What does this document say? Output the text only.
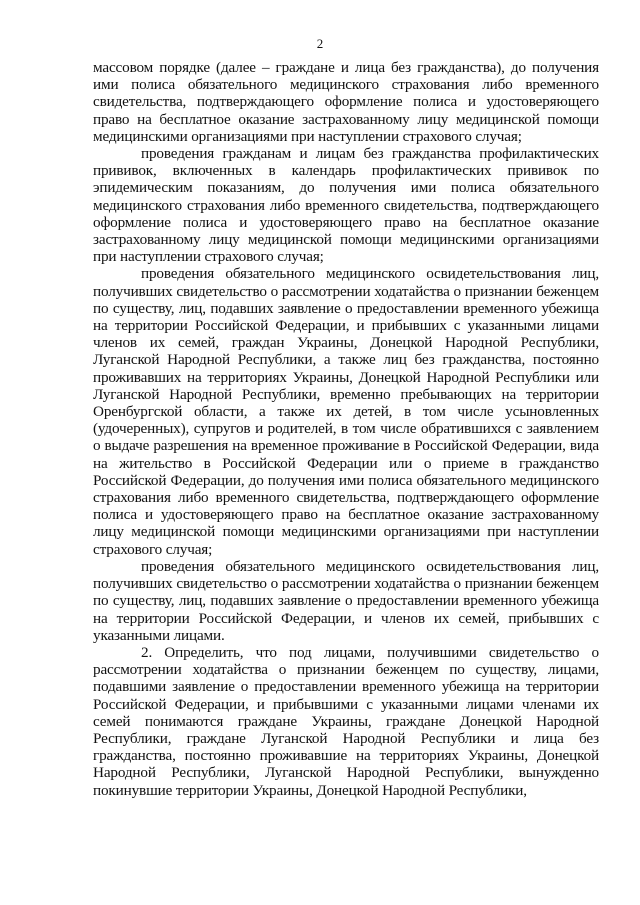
2

массовом порядке (далее – граждане и лица без гражданства), до получения ими полиса обязательного медицинского страхования либо временного свидетельства, подтверждающего оформление полиса и удостоверяющего право на бесплатное оказание застрахованному лицу медицинской помощи медицинскими организациями при наступлении страхового случая;

проведения гражданам и лицам без гражданства профилактических прививок, включенных в календарь профилактических прививок по эпидемическим показаниям, до получения ими полиса обязательного медицинского страхования либо временного свидетельства, подтверждающего оформление полиса и удостоверяющего право на бесплатное оказание застрахованному лицу медицинской помощи медицинскими организациями при наступлении страхового случая;

проведения обязательного медицинского освидетельствования лиц, получивших свидетельство о рассмотрении ходатайства о признании беженцем по существу, лиц, подавших заявление о предоставлении временного убежища на территории Российской Федерации, и прибывших с указанными лицами членов их семей, граждан Украины, Донецкой Народной Республики, Луганской Народной Республики, а также лиц без гражданства, постоянно проживавших на территориях Украины, Донецкой Народной Республики или Луганской Народной Республики, временно пребывающих на территории Оренбургской области, а также их детей, в том числе усыновленных (удочеренных), супругов и родителей, в том числе обратившихся с заявлением о выдаче разрешения на временное проживание в Российской Федерации, вида на жительство в Российской Федерации или о приеме в гражданство Российской Федерации, до получения ими полиса обязательного медицинского страхования либо временного свидетельства, подтверждающего оформление полиса и удостоверяющего право на бесплатное оказание застрахованному лицу медицинской помощи медицинскими организациями при наступлении страхового случая;

проведения обязательного медицинского освидетельствования лиц, получивших свидетельство о рассмотрении ходатайства о признании беженцем по существу, лиц, подавших заявление о предоставлении временного убежища на территории Российской Федерации, и членов их семей, прибывших с указанными лицами.

2. Определить, что под лицами, получившими свидетельство о рассмотрении ходатайства о признании беженцем по существу, лицами, подавшими заявление о предоставлении временного убежища на территории Российской Федерации, и прибывшими с указанными лицами членами их семей понимаются граждане Украины, граждане Донецкой Народной Республики, граждане Луганской Народной Республики и лица без гражданства, постоянно проживавшие на территориях Украины, Донецкой Народной Республики, Луганской Народной Республики, вынужденно покинувшие территории Украины, Донецкой Народной Республики,
